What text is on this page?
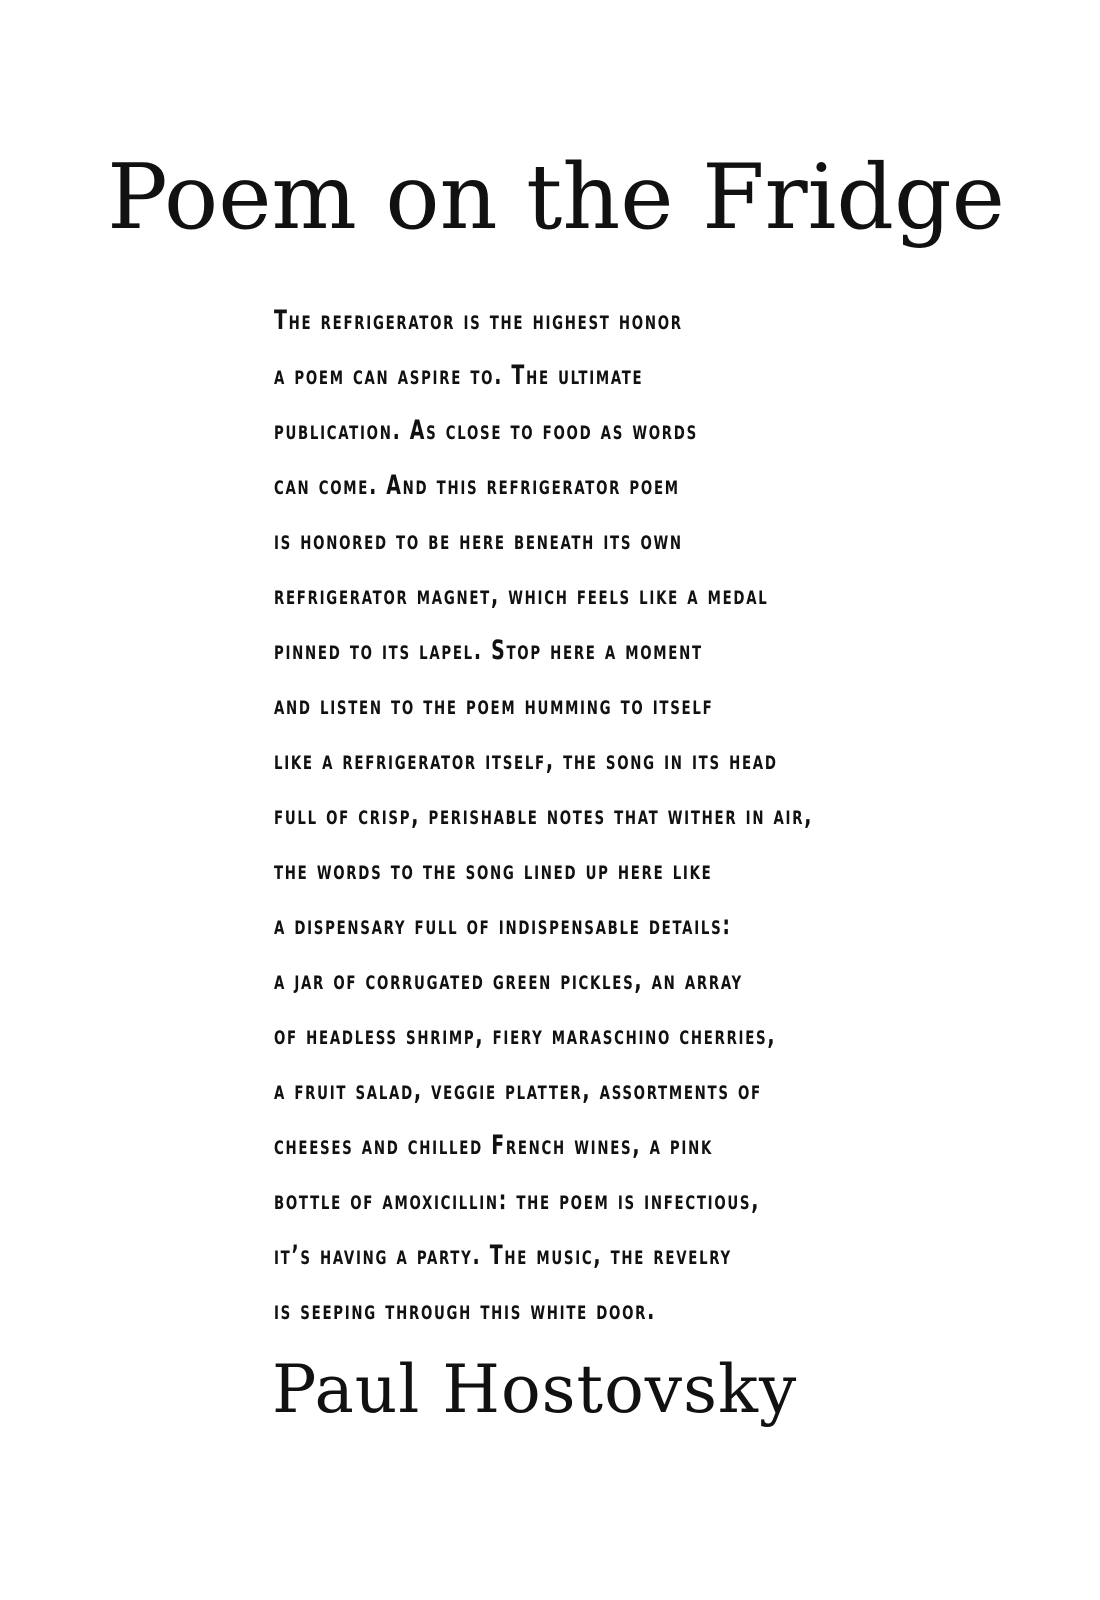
Poem on the Fridge
The refrigerator is the highest honor
a poem can aspire to. The ultimate
publication. As close to food as words
can come. And this refrigerator poem
is honored to be here beneath its own
refrigerator magnet, which feels like a medal
pinned to its lapel. Stop here a moment
and listen to the poem humming to itself
like a refrigerator itself, the song in its head
full of crisp, perishable notes that wither in air,
the words to the song lined up here like
a dispensary full of indispensable details:
a jar of corrugated green pickles, an array
of headless shrimp, fiery maraschino cherries,
a fruit salad, veggie platter, assortments of
cheeses and chilled French wines, a pink
bottle of amoxicillin: the poem is infectious,
it’s having a party. The music, the revelry
is seeping through this white door.

Paul Hostovsky
